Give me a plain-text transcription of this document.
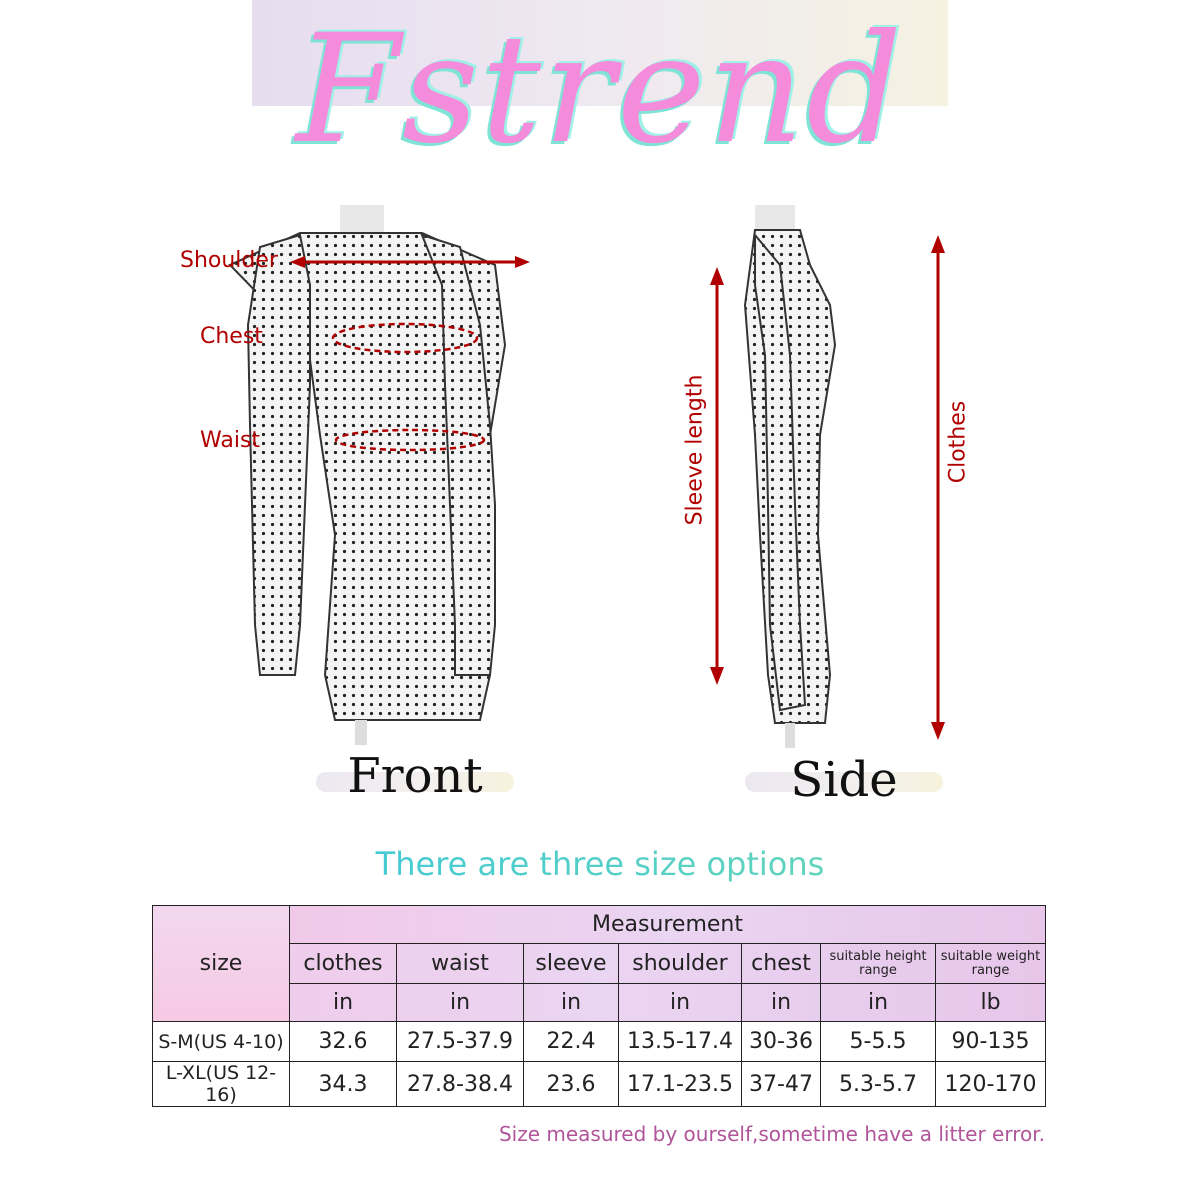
Fstrend
Shoulder
Chest
Waist	Sleeve length	Clothes
Front	Side
There are three size options
size	Measurement						
	clothes	waist	sleeve	shoulder	chest	suitable height range	suitable weight range
	in	in	in	in	in	in	lb
S-M(US 4-10)	32.6	27.5-37.9	22.4	13.5-17.4	30-36	5-5.5	90-135
L-XL(US 12-16)	34.3	27.8-38.4	23.6	17.1-23.5	37-47	5.3-5.7	120-170
Size measured by ourself,sometime have a litter error.
